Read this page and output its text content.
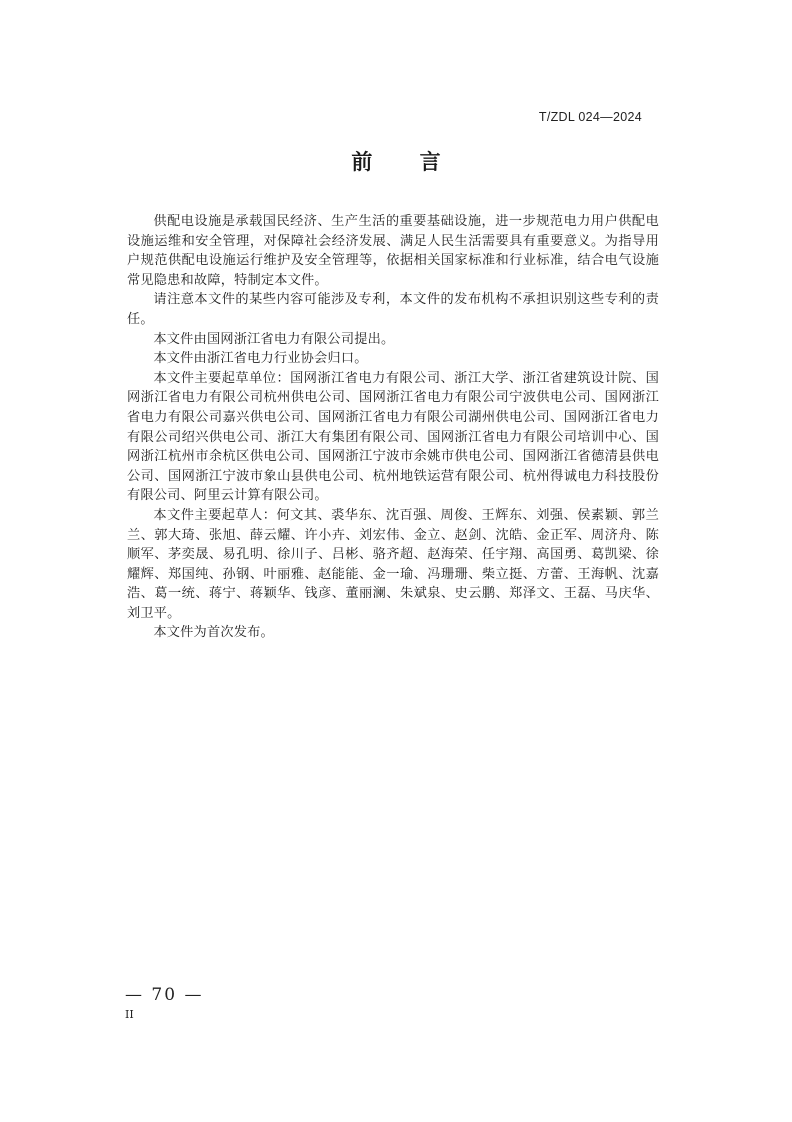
T/ZDL 024—2024
前 言

供配电设施是承载国民经济、生产生活的重要基础设施，进一步规范电力用户供配电设施运维和安全管理，对保障社会经济发展、满足人民生活需要具有重要意义。为指导用户规范供配电设施运行维护及安全管理等，依据相关国家标准和行业标准，结合电气设施常见隐患和故障，特制定本文件。

请注意本文件的某些内容可能涉及专利，本文件的发布机构不承担识别这些专利的责任。

本文件由国网浙江省电力有限公司提出。

本文件由浙江省电力行业协会归口。

本文件主要起草单位：国网浙江省电力有限公司、浙江大学、浙江省建筑设计院、国网浙江省电力有限公司杭州供电公司、国网浙江省电力有限公司宁波供电公司、国网浙江省电力有限公司嘉兴供电公司、国网浙江省电力有限公司湖州供电公司、国网浙江省电力有限公司绍兴供电公司、浙江大有集团有限公司、国网浙江省电力有限公司培训中心、国网浙江杭州市余杭区供电公司、国网浙江宁波市余姚市供电公司、国网浙江省德清县供电公司、国网浙江宁波市象山县供电公司、杭州地铁运营有限公司、杭州得诚电力科技股份有限公司、阿里云计算有限公司。

本文件主要起草人：何文其、裘华东、沈百强、周俊、王辉东、刘强、侯素颖、郭兰兰、郭大琦、张旭、薛云耀、许小卉、刘宏伟、金立、赵剑、沈皓、金正军、周济舟、陈顺军、茅奕晟、易孔明、徐川子、吕彬、骆齐超、赵海荣、任宇翔、高国勇、葛凯梁、徐耀辉、郑国纯、孙钢、叶丽雅、赵能能、金一瑜、冯珊珊、柴立挺、方蕾、王海帆、沈嘉浩、葛一统、蒋宁、蒋颖华、钱彦、董丽澜、朱斌泉、史云鹏、郑泽文、王磊、马庆华、刘卫平。

本文件为首次发布。

— 70 —
II
